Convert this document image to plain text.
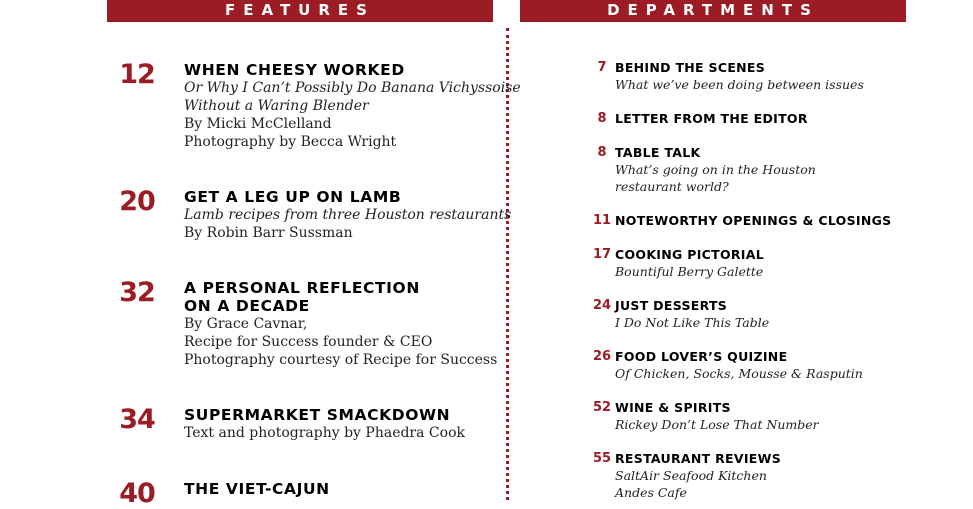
FEATURES	DEPARTMENTS
12	WHEN CHEESY WORKED
Or Why I Can’t Possibly Do Banana Vichyssoise
Without a Waring Blender
By Micki McClelland
Photography by Becca Wright
20	GET A LEG UP ON LAMB
Lamb recipes from three Houston restaurants
By Robin Barr Sussman
32	A PERSONAL REFLECTION
ON A DECADE
By Grace Cavnar,
Recipe for Success founder & CEO
Photography courtesy of Recipe for Success
34	SUPERMARKET SMACKDOWN
Text and photography by Phaedra Cook
40	THE VIET-CAJUN
7 BEHIND THE SCENES
What we’ve been doing between issues
8 LETTER FROM THE EDITOR
8 TABLE TALK
What’s going on in the Houston
restaurant world?
11 NOTEWORTHY OPENINGS & CLOSINGS
17 COOKING PICTORIAL
Bountiful Berry Galette
24 JUST DESSERTS
I Do Not Like This Table
26 FOOD LOVER’S QUIZINE
Of Chicken, Socks, Mousse & Rasputin
52 WINE & SPIRITS
Rickey Don’t Lose That Number
55 RESTAURANT REVIEWS
SaltAir Seafood Kitchen
Andes Cafe
